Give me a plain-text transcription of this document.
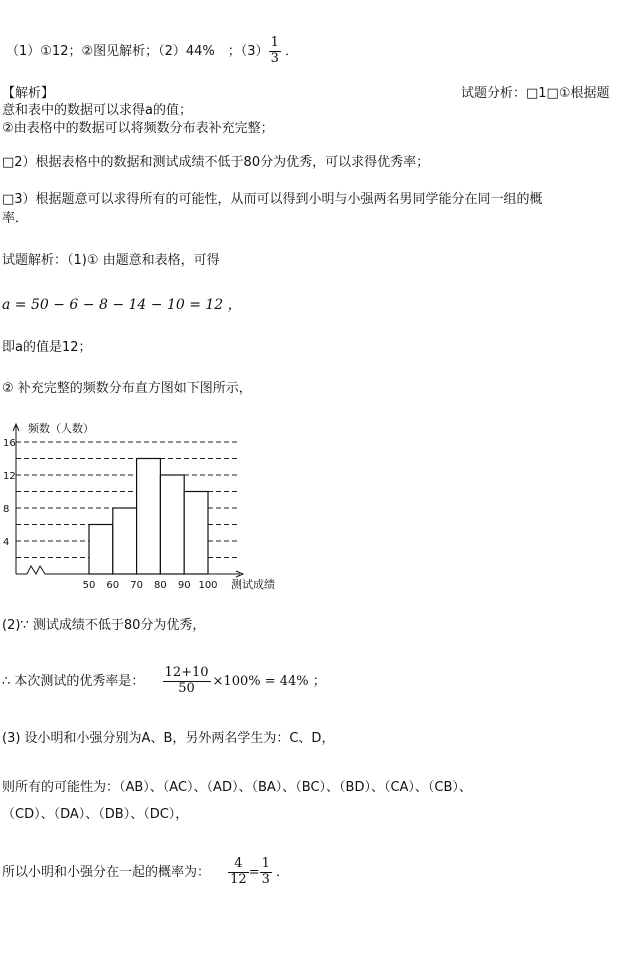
（1）①12；②图见解析；（2）44%　；$(3) \frac{1}{3}$ ．
【解析】	试题分析：□1□①根据题
意和表中的数据可以求得a的值；
②由表格中的数据可以将频数分布表补充完整；
□2）根据表格中的数据和测试成绩不低于80分为优秀，可以求得优秀率；
□3）根据题意可以求得所有的可能性，从而可以得到小明与小强两名男同学能分在同一组的概
率．
试题解析：（1)① 由题意和表格，可得
a = 50 − 6 − 8 − 14 − 10 = 12 ，
即a的值是12；
② 补充完整的频数分布直方图如下图所示，
4
8
12
16
50 60 70 80 90 100
频数（人数）
测试成绩
(2)∵ 测试成绩不低于80分为优秀，
∴ 本次测试的优秀率是： $\frac{12+10}{50} \times 100\% = 44\%$ ；
(3) 设小明和小强分别为A、B，另外两名学生为：C、D，
则所有的可能性为：（AB）、（AC）、（AD）、（BA）、（BC）、（BD）、（CA）、（CB）、
（CD）、（DA）、（DB）、（DC），
所以小明和小强分在一起的概率为： $\frac{4}{12} = \frac{1}{3}$ ．
